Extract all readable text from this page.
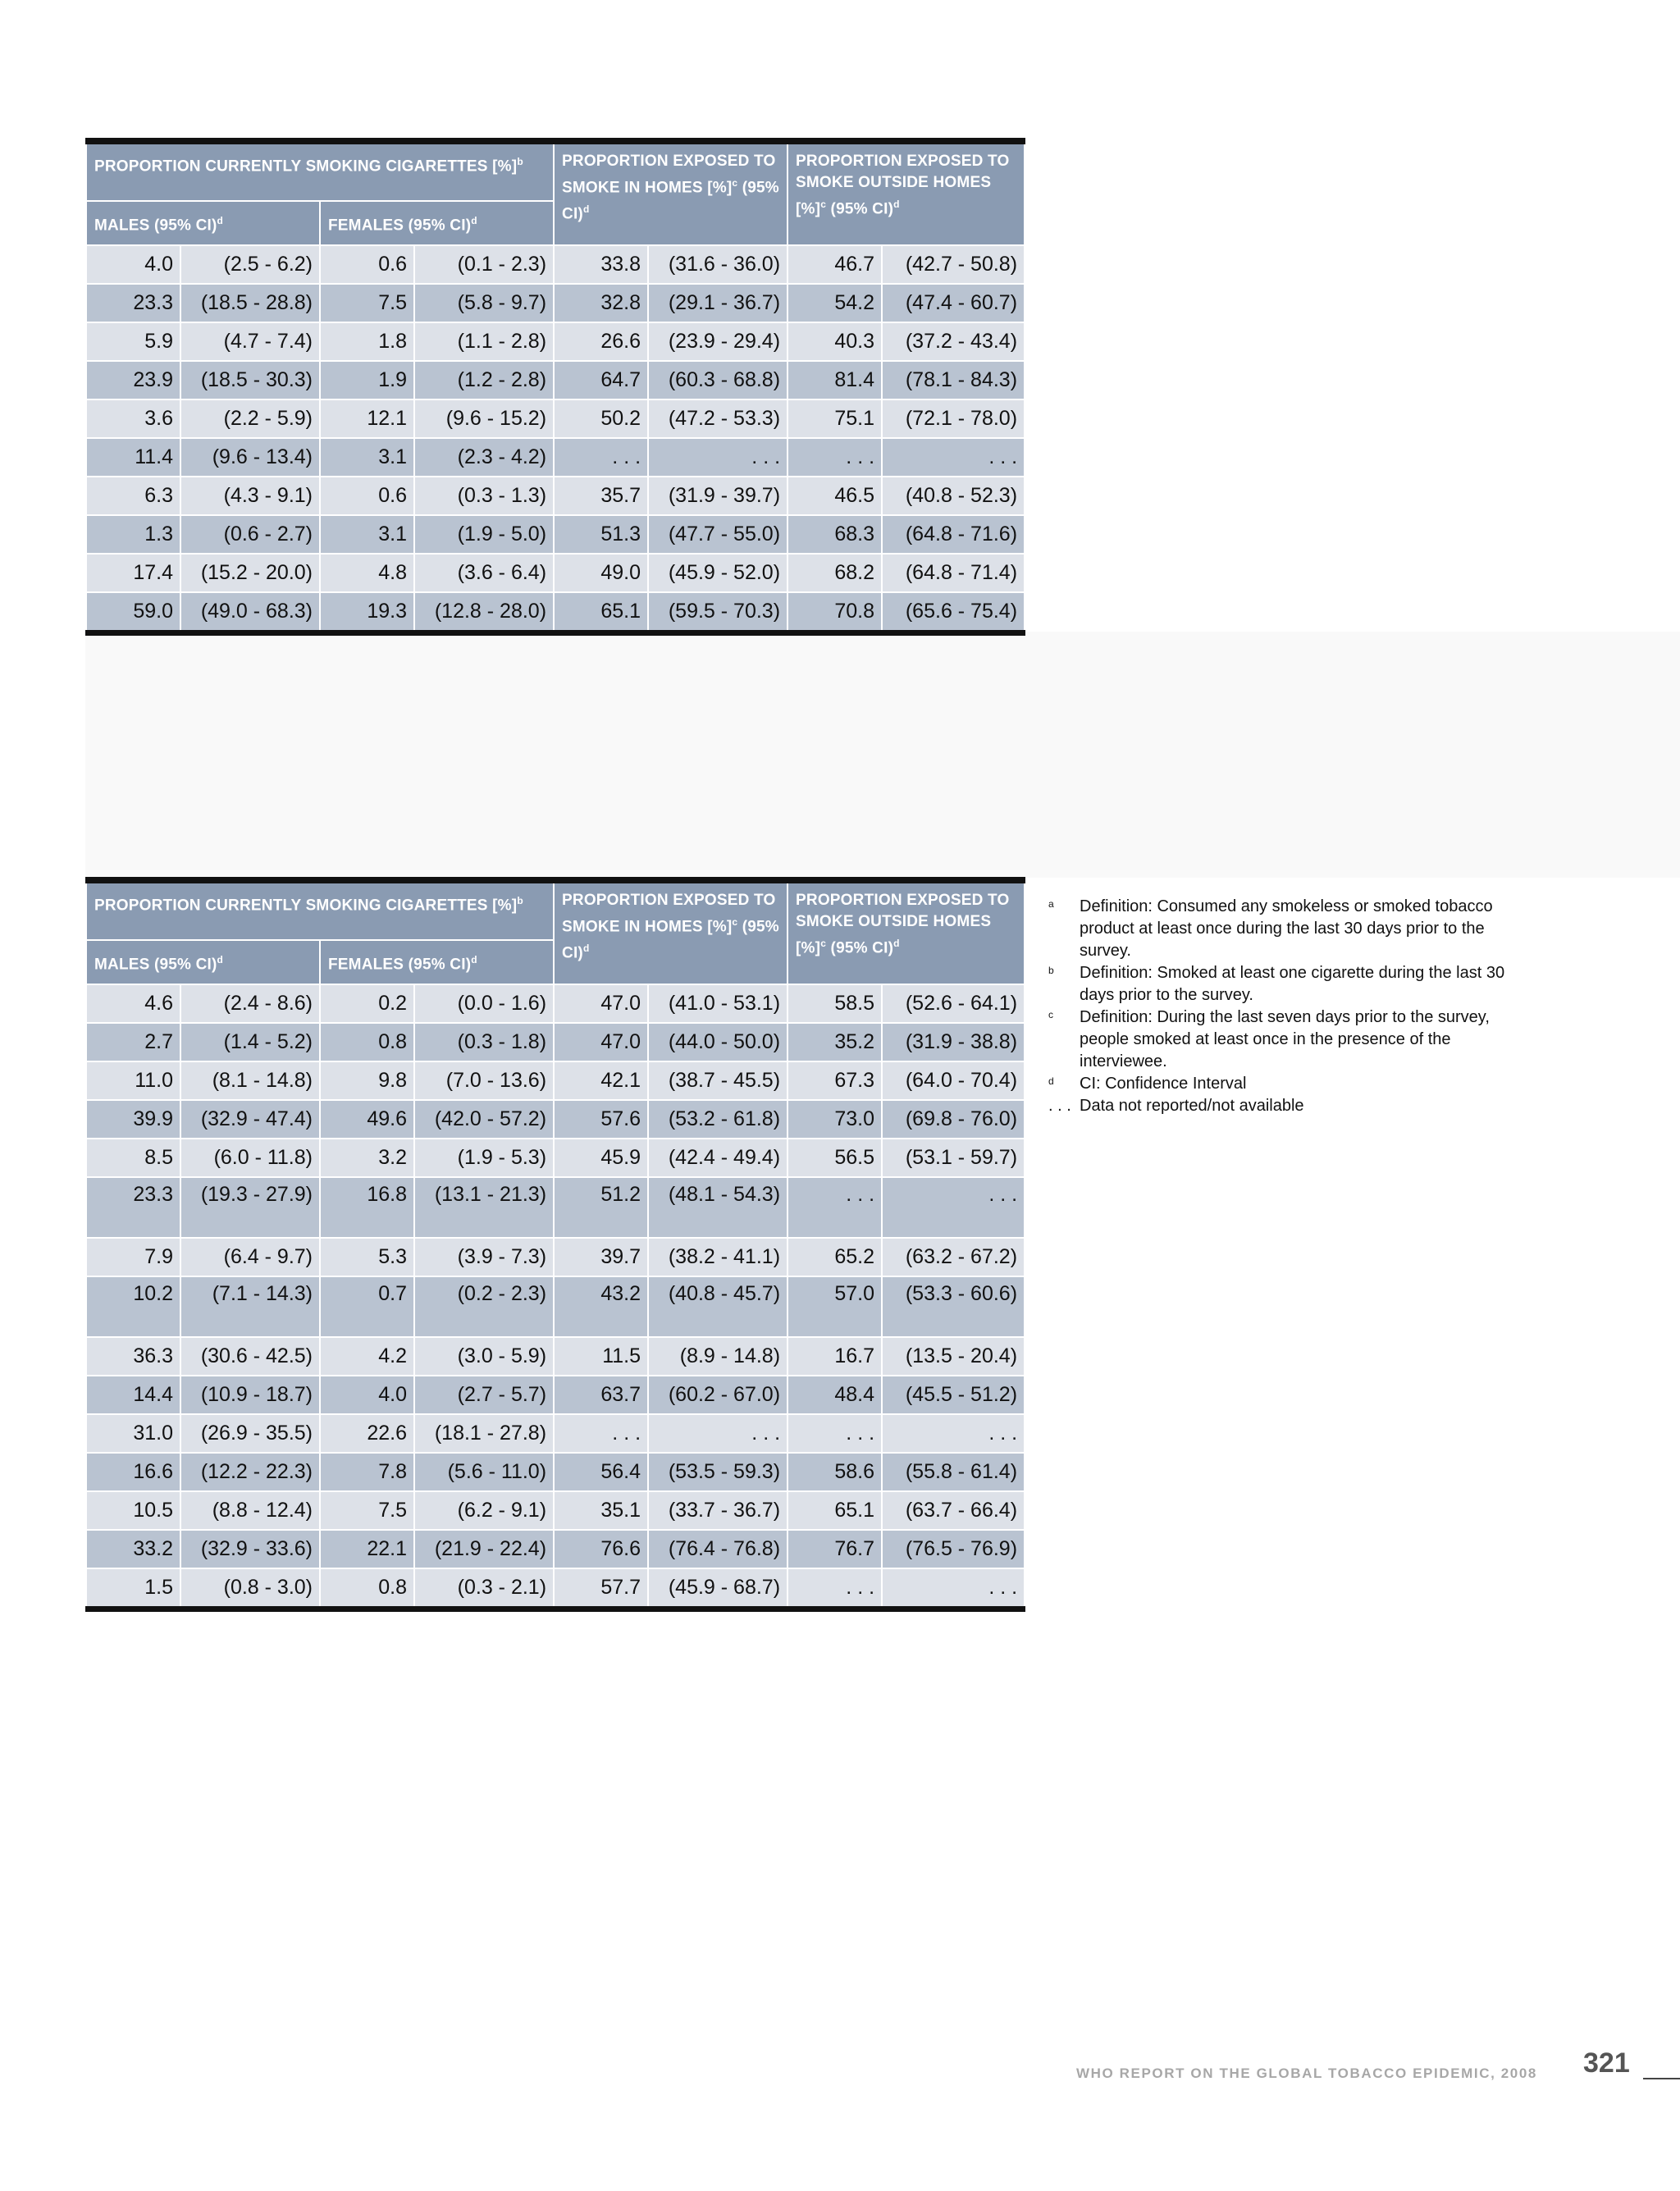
PROPORTION CURRENTLY SMOKING CIGARETTES [%]$^b$				PROPORTION EXPOSED TO SMOKE IN HOMES [%]$^c$ (95% CI)$^d$		PROPORTION EXPOSED TO SMOKE OUTSIDE HOMES [%]$^c$ (95% CI)$^d$
MALES (95% CI)$^d$		FEMALES (95% CI)$^d$
4.0	(2.5 - 6.2)	0.6	(0.1 - 2.3)	33.8	(31.6 - 36.0)	46.7	(42.7 - 50.8)
23.3	(18.5 - 28.8)	7.5	(5.8 - 9.7)	32.8	(29.1 - 36.7)	54.2	(47.4 - 60.7)
5.9	(4.7 - 7.4)	1.8	(1.1 - 2.8)	26.6	(23.9 - 29.4)	40.3	(37.2 - 43.4)
23.9	(18.5 - 30.3)	1.9	(1.2 - 2.8)	64.7	(60.3 - 68.8)	81.4	(78.1 - 84.3)
3.6	(2.2 - 5.9)	12.1	(9.6 - 15.2)	50.2	(47.2 - 53.3)	75.1	(72.1 - 78.0)
11.4	(9.6 - 13.4)	3.1	(2.3 - 4.2)	. . .	. . .	. . .	. . .
6.3	(4.3 - 9.1)	0.6	(0.3 - 1.3)	35.7	(31.9 - 39.7)	46.5	(40.8 - 52.3)
1.3	(0.6 - 2.7)	3.1	(1.9 - 5.0)	51.3	(47.7 - 55.0)	68.3	(64.8 - 71.6)
17.4	(15.2 - 20.0)	4.8	(3.6 - 6.4)	49.0	(45.9 - 52.0)	68.2	(64.8 - 71.4)
59.0	(49.0 - 68.3)	19.3	(12.8 - 28.0)	65.1	(59.5 - 70.3)	70.8	(65.6 - 75.4)
PROPORTION CURRENTLY SMOKING CIGARETTES [%]$^b$				PROPORTION EXPOSED TO SMOKE IN HOMES [%]$^c$ (95% CI)$^d$		PROPORTION EXPOSED TO SMOKE OUTSIDE HOMES [%]$^c$ (95% CI)$^d$
MALES (95% CI)$^d$		FEMALES (95% CI)$^d$
4.6	(2.4 - 8.6)	0.2	(0.0 - 1.6)	47.0	(41.0 - 53.1)	58.5	(52.6 - 64.1)
2.7	(1.4 - 5.2)	0.8	(0.3 - 1.8)	47.0	(44.0 - 50.0)	35.2	(31.9 - 38.8)
11.0	(8.1 - 14.8)	9.8	(7.0 - 13.6)	42.1	(38.7 - 45.5)	67.3	(64.0 - 70.4)
39.9	(32.9 - 47.4)	49.6	(42.0 - 57.2)	57.6	(53.2 - 61.8)	73.0	(69.8 - 76.0)
8.5	(6.0 - 11.8)	3.2	(1.9 - 5.3)	45.9	(42.4 - 49.4)	56.5	(53.1 - 59.7)
23.3	(19.3 - 27.9)	16.8	(13.1 - 21.3)	51.2	(48.1 - 54.3)	. . .	. . .
7.9	(6.4 - 9.7)	5.3	(3.9 - 7.3)	39.7	(38.2 - 41.1)	65.2	(63.2 - 67.2)
10.2	(7.1 - 14.3)	0.7	(0.2 - 2.3)	43.2	(40.8 - 45.7)	57.0	(53.3 - 60.6)
36.3	(30.6 - 42.5)	4.2	(3.0 - 5.9)	11.5	(8.9 - 14.8)	16.7	(13.5 - 20.4)
14.4	(10.9 - 18.7)	4.0	(2.7 - 5.7)	63.7	(60.2 - 67.0)	48.4	(45.5 - 51.2)
31.0	(26.9 - 35.5)	22.6	(18.1 - 27.8)	. . .	. . .	. . .	. . .
16.6	(12.2 - 22.3)	7.8	(5.6 - 11.0)	56.4	(53.5 - 59.3)	58.6	(55.8 - 61.4)
10.5	(8.8 - 12.4)	7.5	(6.2 - 9.1)	35.1	(33.7 - 36.7)	65.1	(63.7 - 66.4)
33.2	(32.9 - 33.6)	22.1	(21.9 - 22.4)	76.6	(76.4 - 76.8)	76.7	(76.5 - 76.9)
1.5	(0.8 - 3.0)	0.8	(0.3 - 2.1)	57.7	(45.9 - 68.7)	. . .	. . .
a Definition: Consumed any smokeless or smoked tobacco product at least once during the last 30 days prior to the survey.
b Definition: Smoked at least one cigarette during the last 30 days prior to the survey.
c Definition: During the last seven days prior to the survey, people smoked at least once in the presence of the interviewee.
d CI: Confidence Interval
. . . Data not reported/not available
WHO REPORT ON THE GLOBAL TOBACCO EPIDEMIC, 2008 321
